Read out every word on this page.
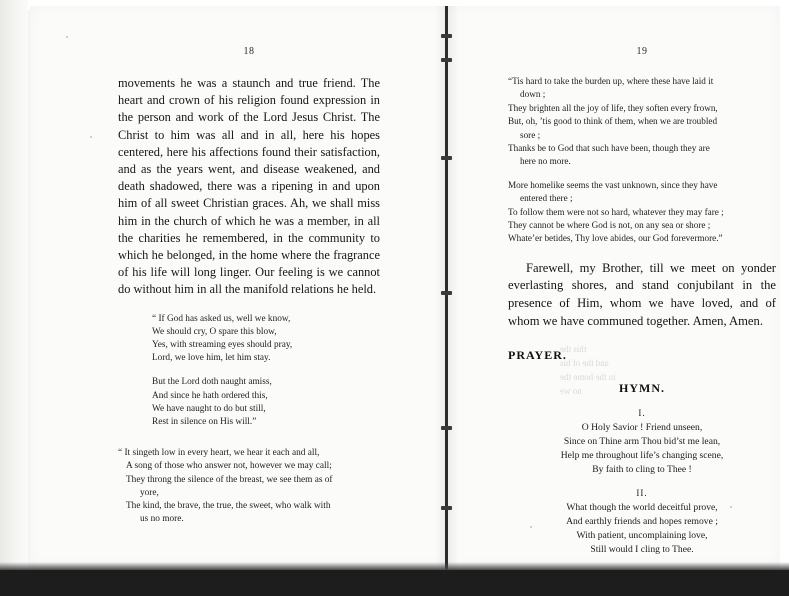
18

movements he was a staunch and true friend. The heart and crown of his religion found expression in the person and work of the Lord Jesus Christ. The Christ to him was all and in all, here his hopes centered, here his affections found their satisfaction, and as the years went, and disease weakened, and death shadowed, there was a ripening in and upon him of all sweet Christian graces. Ah, we shall miss him in the church of which he was a member, in all the charities he remembered, in the community to which he belonged, in the home where the fragrance of his life will long linger. Our feeling is we cannot do without him in all the manifold relations he held.

“ If God has asked us, well we know,
We should cry, O spare this blow,
Yes, with streaming eyes should pray,
Lord, we love him, let him stay.
But the Lord doth naught amiss,
And since he hath ordered this,
We have naught to do but still,
Rest in silence on His will.”
“ It singeth low in every heart, we hear it each and all,
A song of those who answer not, however we may call;
They throng the silence of the breast, we see them as of
yore,
The kind, the brave, the true, the sweet, who walk with
us no more.
19
“Tis hard to take the burden up, where these have laid it
down ;
They brighten all the joy of life, they soften every frown,
But, oh, ’tis good to think of them, when we are troubled
sore ;
Thanks be to God that such have been, though they are
here no more.
More homelike seems the vast unknown, since they have
entered there ;
To follow them were not so hard, whatever they may fare ;
They cannot be where God is not, on any sea or shore ;
Whate’er betides, Thy love abides, our God forevermore.”

Farewell, my Brother, till we meet on yonder everlasting shores, and stand conjubilant in the presence of Him, whom we have loved, and of whom we have communed together. Amen, Amen.

PRAYER.
HYMN.
I.
O Holy Savior ! Friend unseen,
Since on Thine arm Thou bid’st me lean,
Help me throughout life’s changing scene,
By faith to cling to Thee !
II.
What though the world deceitful prove,
And earthly friends and hopes remove ;
With patient, uncomplaining love,
Still would I cling to Thee.
this the
and the of his
in the home the
no we
